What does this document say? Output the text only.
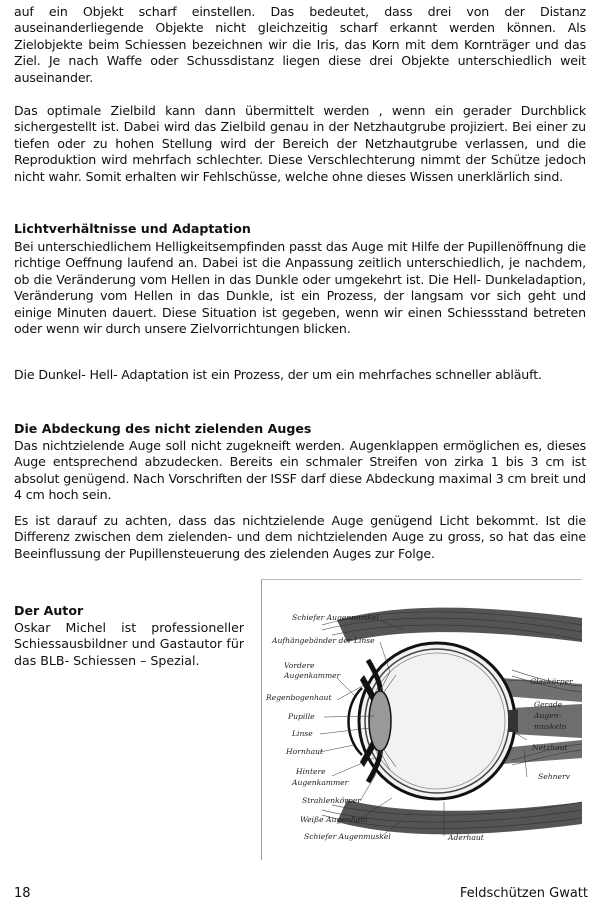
auf ein Objekt scharf einstellen. Das bedeutet, dass drei von der Distanz auseinanderliegende Objekte nicht gleichzeitig scharf erkannt werden können. Als Zielobjekte beim Schiessen bezeichnen wir die Iris, das Korn mit dem Kornträger und das Ziel. Je nach Waffe oder Schussdistanz liegen diese drei Objekte unterschiedlich weit auseinander.

Das optimale Zielbild kann dann übermittelt werden , wenn ein gerader Durchblick sichergestellt ist. Dabei wird das Zielbild genau in der Netzhautgrube projiziert. Bei einer zu tiefen oder zu hohen Stellung wird der Bereich der Netzhautgrube verlassen, und die Reproduktion wird mehrfach schlechter. Diese Verschlechterung nimmt der Schütze jedoch nicht wahr. Somit erhalten wir Fehlschüsse, welche ohne dieses Wissen unerklärlich sind.

Lichtverhältnisse und Adaptation

Bei unterschiedlichem Helligkeitsempfinden passt das Auge mit Hilfe der Pupillenöffnung die richtige Oeffnung laufend an. Dabei ist die Anpassung zeitlich unterschiedlich, je nachdem, ob die Veränderung vom Hellen in das Dunkle oder umgekehrt ist. Die Hell- Dunkeladaption, Veränderung vom Hellen in das Dunkle, ist ein Prozess, der langsam vor sich geht und einige Minuten dauert. Diese Situation ist gegeben, wenn wir einen Schiessstand betreten oder wenn wir durch unsere Zielvorrichtungen blicken.

Die Dunkel- Hell- Adaptation ist ein Prozess, der um ein mehrfaches schneller abläuft.

Die Abdeckung des nicht zielenden Auges

Das nichtzielende Auge soll nicht zugekneift werden. Augenklappen ermöglichen es, dieses Auge entsprechend abzudecken. Bereits ein schmaler Streifen von zirka 1 bis 3 cm ist absolut genügend. Nach Vorschriften der ISSF darf diese Abdeckung maximal 3 cm breit und 4 cm hoch sein.

Es ist darauf zu achten, dass das nichtzielende Auge genügend Licht bekommt. Ist die Differenz zwischen dem zielenden- und dem nichtzielenden Auge zu gross, so hat das eine Beeinflussung der Pupillensteuerung des zielenden Auges zur Folge.

Der Autor

Oskar Michel ist professioneller Schiessausbildner und Gastautor für das BLB- Schiessen – Spezial.

Schiefer Augenmuskel
Aufhängebänder der Linse
Vordere
Augenkammer
Regenbogenhaut
Pupille
Linse
Hornhaut
Hintere
Augenkammer
Strahlenkörper
Weiße Augenhaut
Schiefer Augenmuskel	Aderhaut
Glaskörper
Gerade
Augen-
muskeln
Netzhaut
Sehnerv
18	Feldschützen Gwatt
